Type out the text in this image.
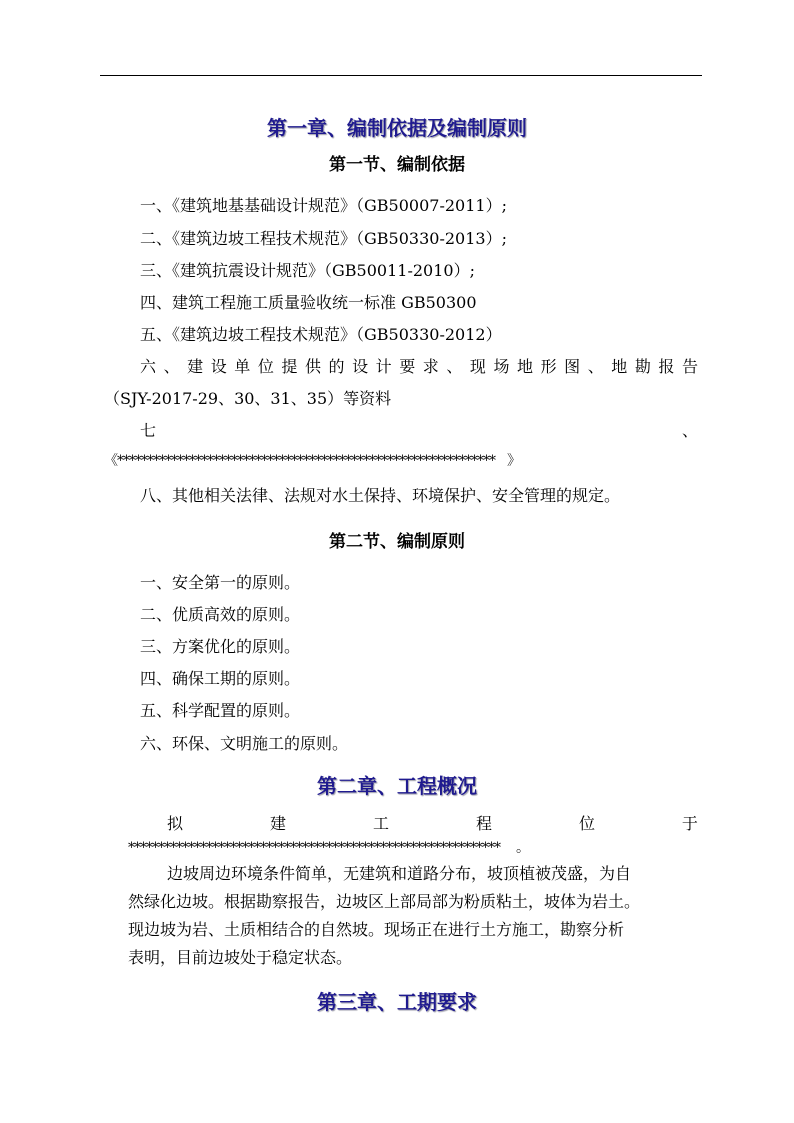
第一章、编制依据及编制原则
第一节、编制依据
一、《建筑地基基础设计规范》（GB50007-2011）;
二、《建筑边坡工程技术规范》（GB50330-2013）;
三、《建筑抗震设计规范》（GB50011-2010）;
四、建筑工程施工质量验收统一标准 GB50300
五、《建筑边坡工程技术规范》（GB50330-2012）
六 、 建 设 单 位 提 供 的 设 计 要 求 、 现 场 地 形 图 、 地 勘 报 告
（SJY-2017-29、30、31、35）等资料
七	、
《*************************************************************** 》
八、其他相关法律、法规对水土保持、环境保护、安全管理的规定。
第二节、编制原则
一、安全第一的原则。
二、优质高效的原则。
三、方案优化的原则。
四、确保工期的原则。
五、科学配置的原则。
六、环保、文明施工的原则。
第二章、工程概况
拟	建	工	程	位	于
************************************************************** 。
边坡周边环境条件简单，无建筑和道路分布，坡顶植被茂盛，为自
然绿化边坡。根据勘察报告，边坡区上部局部为粉质粘土，坡体为岩土。
现边坡为岩、土质相结合的自然坡。现场正在进行土方施工，勘察分析
表明，目前边坡处于稳定状态。
第三章、工期要求
